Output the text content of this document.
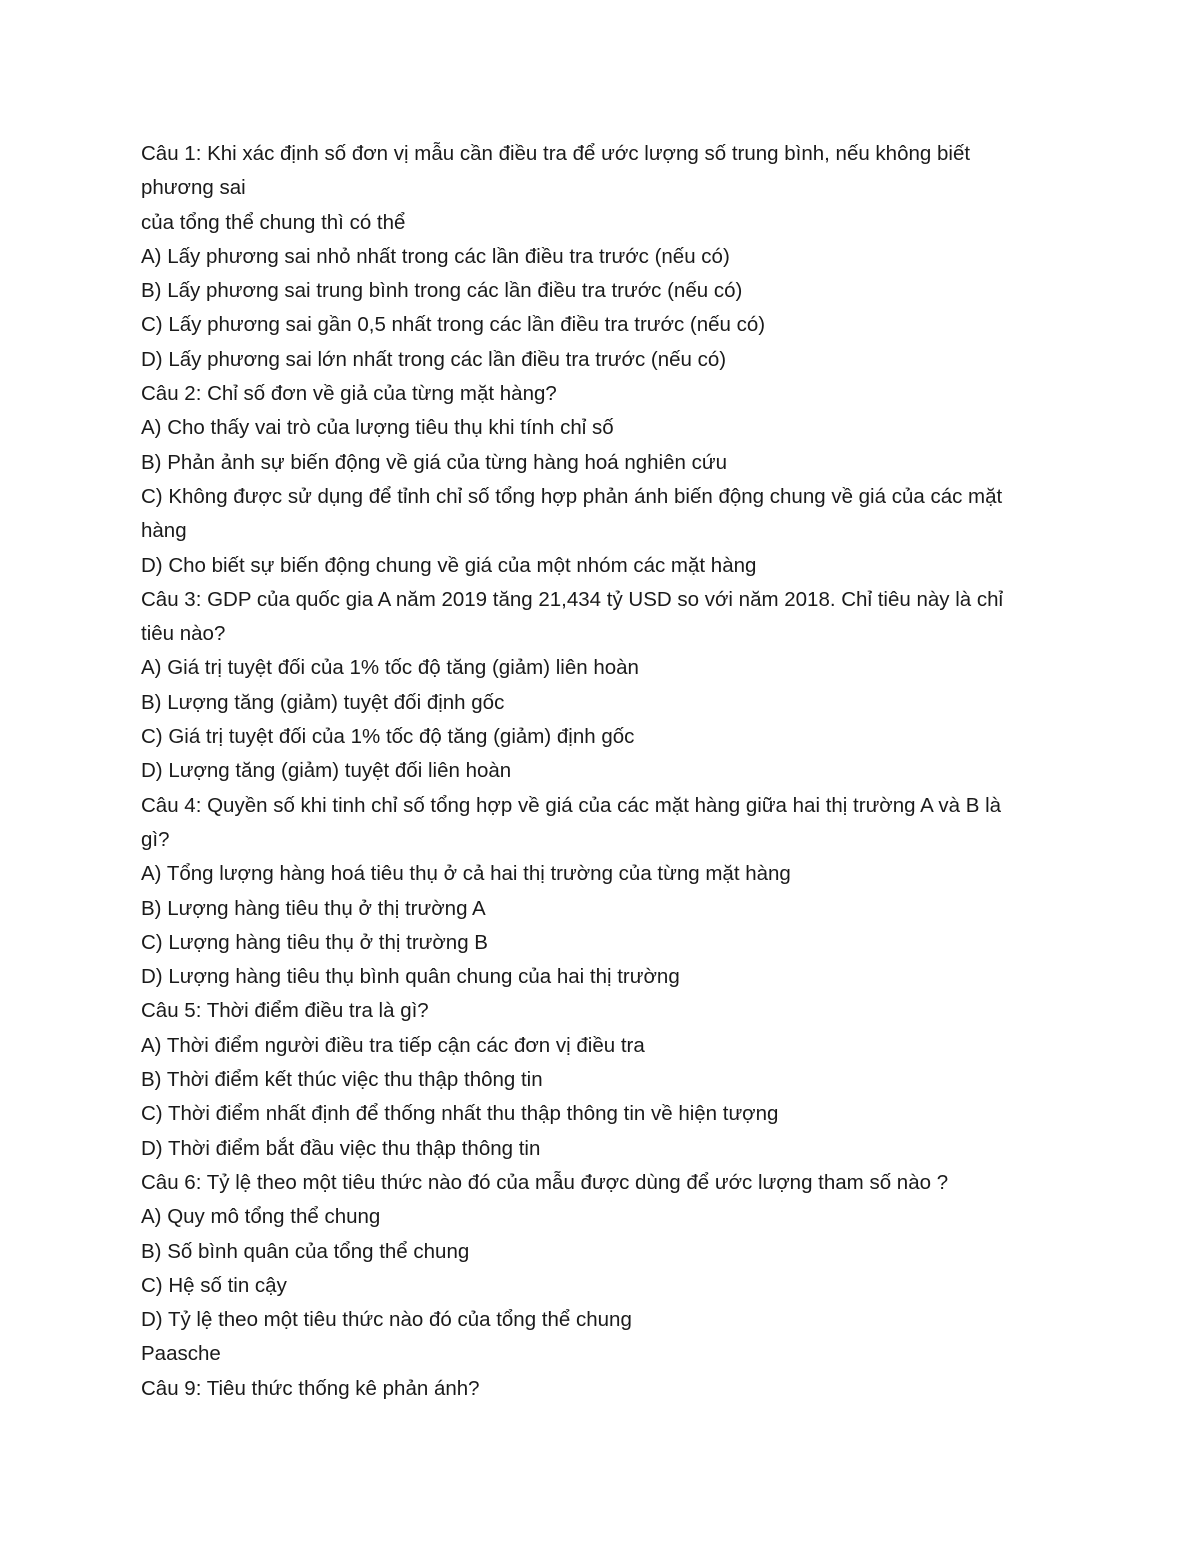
Câu 1: Khi xác định số đơn vị mẫu cần điều tra để ước lượng số trung bình, nếu không biết
phương sai
của tổng thể chung thì có thể
A) Lấy phương sai nhỏ nhất trong các lần điều tra trước (nếu có)
B) Lấy phương sai trung bình trong các lần điều tra trước (nếu có)
C) Lấy phương sai gần 0,5 nhất trong các lần điều tra trước (nếu có)
D) Lấy phương sai lớn nhất trong các lần điều tra trước (nếu có)
Câu 2: Chỉ số đơn về giả của từng mặt hàng?
A) Cho thấy vai trò của lượng tiêu thụ khi tính chỉ số
B) Phản ảnh sự biến động về giá của từng hàng hoá nghiên cứu
C) Không được sử dụng để tỉnh chỉ số tổng hợp phản ánh biến động chung về giá của các mặt
hàng
D) Cho biết sự biến động chung về giá của một nhóm các mặt hàng
Câu 3: GDP của quốc gia A năm 2019 tăng 21,434 tỷ USD so với năm 2018. Chỉ tiêu này là chỉ
tiêu nào?
A) Giá trị tuyệt đối của 1% tốc độ tăng (giảm) liên hoàn
B) Lượng tăng (giảm) tuyệt đối định gốc
C) Giá trị tuyệt đối của 1% tốc độ tăng (giảm) định gốc
D) Lượng tăng (giảm) tuyệt đối liên hoàn
Câu 4: Quyền số khi tinh chỉ số tổng hợp về giá của các mặt hàng giữa hai thị trường A và B là
gì?
A) Tổng lượng hàng hoá tiêu thụ ở cả hai thị trường của từng mặt hàng
B) Lượng hàng tiêu thụ ở thị trường A
C) Lượng hàng tiêu thụ ở thị trường B
D) Lượng hàng tiêu thụ bình quân chung của hai thị trường
Câu 5: Thời điểm điều tra là gì?
A) Thời điểm người điều tra tiếp cận các đơn vị điều tra
B) Thời điểm kết thúc việc thu thập thông tin
C) Thời điểm nhất định để thống nhất thu thập thông tin về hiện tượng
D) Thời điểm bắt đầu việc thu thập thông tin
Câu 6: Tỷ lệ theo một tiêu thức nào đó của mẫu được dùng để ước lượng tham số nào ?
A) Quy mô tổng thể chung
B) Số bình quân của tổng thể chung
C) Hệ số tin cậy
D) Tỷ lệ theo một tiêu thức nào đó của tổng thể chung
Paasche
Câu 9: Tiêu thức thống kê phản ánh?
